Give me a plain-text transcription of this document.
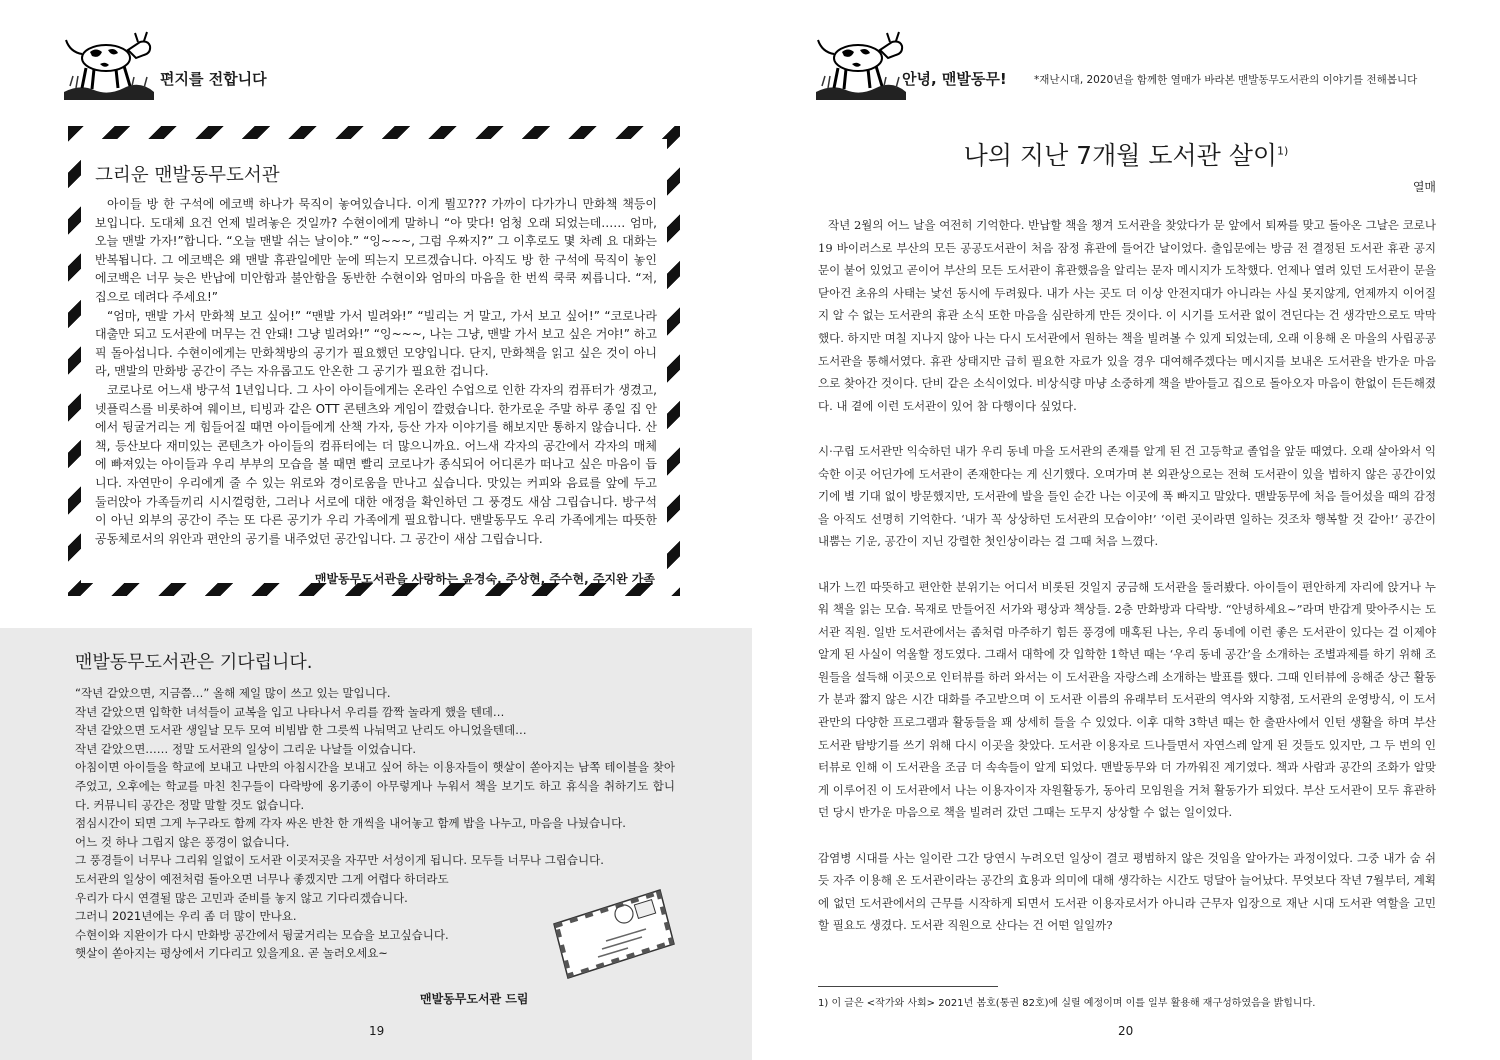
편지를 전합니다
그리운 맨발동무도서관

아이들 방 한 구석에 에코백 하나가 묵직이 놓여있습니다. 이게 뭘꼬??? 가까이 다가가니 만화책 책등이 보입니다. 도대체 요건 언제 빌려놓은 것일까? 수현이에게 말하니 “아 맞다! 엄청 오래 되었는데…… 엄마, 오늘 맨발 가자!”합니다. “오늘 맨발 쉬는 날이야.” “잉~~~, 그럼 우짜지?” 그 이후로도 몇 차례 요 대화는 반복됩니다. 그 에코백은 왜 맨발 휴관일에만 눈에 띄는지 모르겠습니다. 아직도 방 한 구석에 묵직이 놓인 에코백은 너무 늦은 반납에 미안함과 불안함을 동반한 수현이와 엄마의 마음을 한 번씩 쿡쿡 찌릅니다. “저, 집으로 데려다 주세요!”

“엄마, 맨발 가서 만화책 보고 싶어!” “맨발 가서 빌려와!” “빌리는 거 말고, 가서 보고 싶어!” “코로나라 대출만 되고 도서관에 머무는 건 안돼! 그냥 빌려와!” “잉~~~, 나는 그냥, 맨발 가서 보고 싶은 거야!” 하고 픽 돌아섭니다. 수현이에게는 만화책방의 공기가 필요했던 모양입니다. 단지, 만화책을 읽고 싶은 것이 아니라, 맨발의 만화방 공간이 주는 자유롭고도 안온한 그 공기가 필요한 겁니다.

코로나로 어느새 방구석 1년입니다. 그 사이 아이들에게는 온라인 수업으로 인한 각자의 컴퓨터가 생겼고, 넷플릭스를 비롯하여 웨이브, 티빙과 같은 OTT 콘텐츠와 게임이 깔렸습니다. 한가로운 주말 하루 종일 집 안에서 뒹굴거리는 게 힘들어질 때면 아이들에게 산책 가자, 등산 가자 이야기를 해보지만 통하지 않습니다. 산책, 등산보다 재미있는 콘텐츠가 아이들의 컴퓨터에는 더 많으니까요. 어느새 각자의 공간에서 각자의 매체에 빠져있는 아이들과 우리 부부의 모습을 볼 때면 빨리 코로나가 종식되어 어디론가 떠나고 싶은 마음이 듭니다. 자연만이 우리에게 줄 수 있는 위로와 경이로움을 만나고 싶습니다. 맛있는 커피와 음료를 앞에 두고 둘러앉아 가족들끼리 시시껄렁한, 그러나 서로에 대한 애정을 확인하던 그 풍경도 새삼 그립습니다. 방구석이 아닌 외부의 공간이 주는 또 다른 공기가 우리 가족에게 필요합니다. 맨발동무도 우리 가족에게는 따뜻한 공동체로서의 위안과 편안의 공기를 내주었던 공간입니다. 그 공간이 새삼 그립습니다.

맨발동무도서관을 사랑하는 윤경숙, 주상현, 주수현, 주지완 가족
맨발동무도서관은 기다립니다.
“작년 같았으면, 지금쯤…” 올해 제일 많이 쓰고 있는 말입니다.
작년 같았으면 입학한 녀석들이 교복을 입고 나타나서 우리를 깜짝 놀라게 했을 텐데…
작년 같았으면 도서관 생일날 모두 모여 비빔밥 한 그릇씩 나눠먹고 난리도 아니었을텐데…
작년 같았으면…… 정말 도서관의 일상이 그리운 나날들 이었습니다.
아침이면 아이들을 학교에 보내고 나만의 아침시간을 보내고 싶어 하는 이용자들이 햇살이 쏟아지는 남쪽 테이블을 찾아주었고, 오후에는 학교를 마친 친구들이 다락방에 옹기종이 아무렇게나 누워서 책을 보기도 하고 휴식을 취하기도 합니다. 커뮤니티 공간은 정말 말할 것도 없습니다.
점심시간이 되면 그게 누구라도 함께 각자 싸온 반찬 한 개씩을 내어놓고 함께 밥을 나누고, 마음을 나눴습니다.
어느 것 하나 그립지 않은 풍경이 없습니다.
그 풍경들이 너무나 그리워 일없이 도서관 이곳저곳을 자꾸만 서성이게 됩니다. 모두들 너무나 그립습니다.
도서관의 일상이 예전처럼 돌아오면 너무나 좋겠지만 그게 어렵다 하더라도
우리가 다시 연결될 많은 고민과 준비를 놓지 않고 기다리겠습니다.
그러니 2021년에는 우리 좀 더 많이 만나요.
수현이와 지완이가 다시 만화방 공간에서 뒹굴거리는 모습을 보고싶습니다.
햇살이 쏟아지는 평상에서 기다리고 있을게요. 곧 놀러오세요~
맨발동무도서관 드림
19
안녕, 맨발동무!	*재난시대, 2020년을 함께한 열매가 바라본 맨발동무도서관의 이야기를 전해봅니다
나의 지난 7개월 도서관 살이$^{1)}$
열매

작년 2월의 어느 날을 여전히 기억한다. 반납할 책을 챙겨 도서관을 찾았다가 문 앞에서 퇴짜를 맞고 돌아온 그날은 코로나19 바이러스로 부산의 모든 공공도서관이 처음 잠정 휴관에 들어간 날이었다. 출입문에는 방금 전 결정된 도서관 휴관 공지문이 붙어 있었고 곧이어 부산의 모든 도서관이 휴관했음을 알리는 문자 메시지가 도착했다. 언제나 열려 있던 도서관이 문을 닫아건 초유의 사태는 낯선 동시에 두려웠다. 내가 사는 곳도 더 이상 안전지대가 아니라는 사실 못지않게, 언제까지 이어질지 알 수 없는 도서관의 휴관 소식 또한 마음을 심란하게 만든 것이다. 이 시기를 도서관 없이 견딘다는 건 생각만으로도 막막했다. 하지만 며칠 지나지 않아 나는 다시 도서관에서 원하는 책을 빌려볼 수 있게 되었는데, 오래 이용해 온 마을의 사립공공도서관을 통해서였다. 휴관 상태지만 급히 필요한 자료가 있을 경우 대여해주겠다는 메시지를 보내온 도서관을 반가운 마음으로 찾아간 것이다. 단비 같은 소식이었다. 비상식량 마냥 소중하게 책을 받아들고 집으로 돌아오자 마음이 한없이 든든해졌다. 내 곁에 이런 도서관이 있어 참 다행이다 싶었다.

시·구립 도서관만 익숙하던 내가 우리 동네 마을 도서관의 존재를 알게 된 건 고등학교 졸업을 앞둔 때였다. 오래 살아와서 익숙한 이곳 어딘가에 도서관이 존재한다는 게 신기했다. 오며가며 본 외관상으로는 전혀 도서관이 있을 법하지 않은 공간이었기에 별 기대 없이 방문했지만, 도서관에 발을 들인 순간 나는 이곳에 푹 빠지고 말았다. 맨발동무에 처음 들어섰을 때의 감정을 아직도 선명히 기억한다. ‘내가 꼭 상상하던 도서관의 모습이야!’ ‘이런 곳이라면 일하는 것조차 행복할 것 같아!’ 공간이 내뿜는 기운, 공간이 지닌 강렬한 첫인상이라는 걸 그때 처음 느꼈다.

내가 느낀 따뜻하고 편안한 분위기는 어디서 비롯된 것일지 궁금해 도서관을 둘러봤다. 아이들이 편안하게 자리에 앉거나 누워 책을 읽는 모습. 목재로 만들어진 서가와 평상과 책상들. 2층 만화방과 다락방. “안녕하세요~”라며 반갑게 맞아주시는 도서관 직원. 일반 도서관에서는 좀처럼 마주하기 힘든 풍경에 매혹된 나는, 우리 동네에 이런 좋은 도서관이 있다는 걸 이제야 알게 된 사실이 억울할 정도였다. 그래서 대학에 갓 입학한 1학년 때는 ‘우리 동네 공간’을 소개하는 조별과제를 하기 위해 조원들을 설득해 이곳으로 인터뷰를 하러 와서는 이 도서관을 자랑스레 소개하는 발표를 했다. 그때 인터뷰에 응해준 상근 활동가 분과 짧지 않은 시간 대화를 주고받으며 이 도서관 이름의 유래부터 도서관의 역사와 지향점, 도서관의 운영방식, 이 도서관만의 다양한 프로그램과 활동들을 꽤 상세히 들을 수 있었다. 이후 대학 3학년 때는 한 출판사에서 인턴 생활을 하며 부산 도서관 탐방기를 쓰기 위해 다시 이곳을 찾았다. 도서관 이용자로 드나들면서 자연스레 알게 된 것들도 있지만, 그 두 번의 인터뷰로 인해 이 도서관을 조금 더 속속들이 알게 되었다. 맨발동무와 더 가까워진 계기였다. 책과 사람과 공간의 조화가 알맞게 이루어진 이 도서관에서 나는 이용자이자 자원활동가, 동아리 모임원을 거쳐 활동가가 되었다. 부산 도서관이 모두 휴관하던 당시 반가운 마음으로 책을 빌려러 갔던 그때는 도무지 상상할 수 없는 일이었다.

감염병 시대를 사는 일이란 그간 당연시 누려오던 일상이 결코 평범하지 않은 것임을 알아가는 과정이었다. 그중 내가 숨 쉬듯 자주 이용해 온 도서관이라는 공간의 효용과 의미에 대해 생각하는 시간도 덩달아 늘어났다. 무엇보다 작년 7월부터, 계획에 없던 도서관에서의 근무를 시작하게 되면서 도서관 이용자로서가 아니라 근무자 입장으로 재난 시대 도서관 역할을 고민할 필요도 생겼다. 도서관 직원으로 산다는 건 어떤 일일까?

1) 이 글은 <작가와 사회> 2021년 봄호(통권 82호)에 실릴 예정이며 이를 일부 활용해 재구성하였음을 밝힙니다.
20
